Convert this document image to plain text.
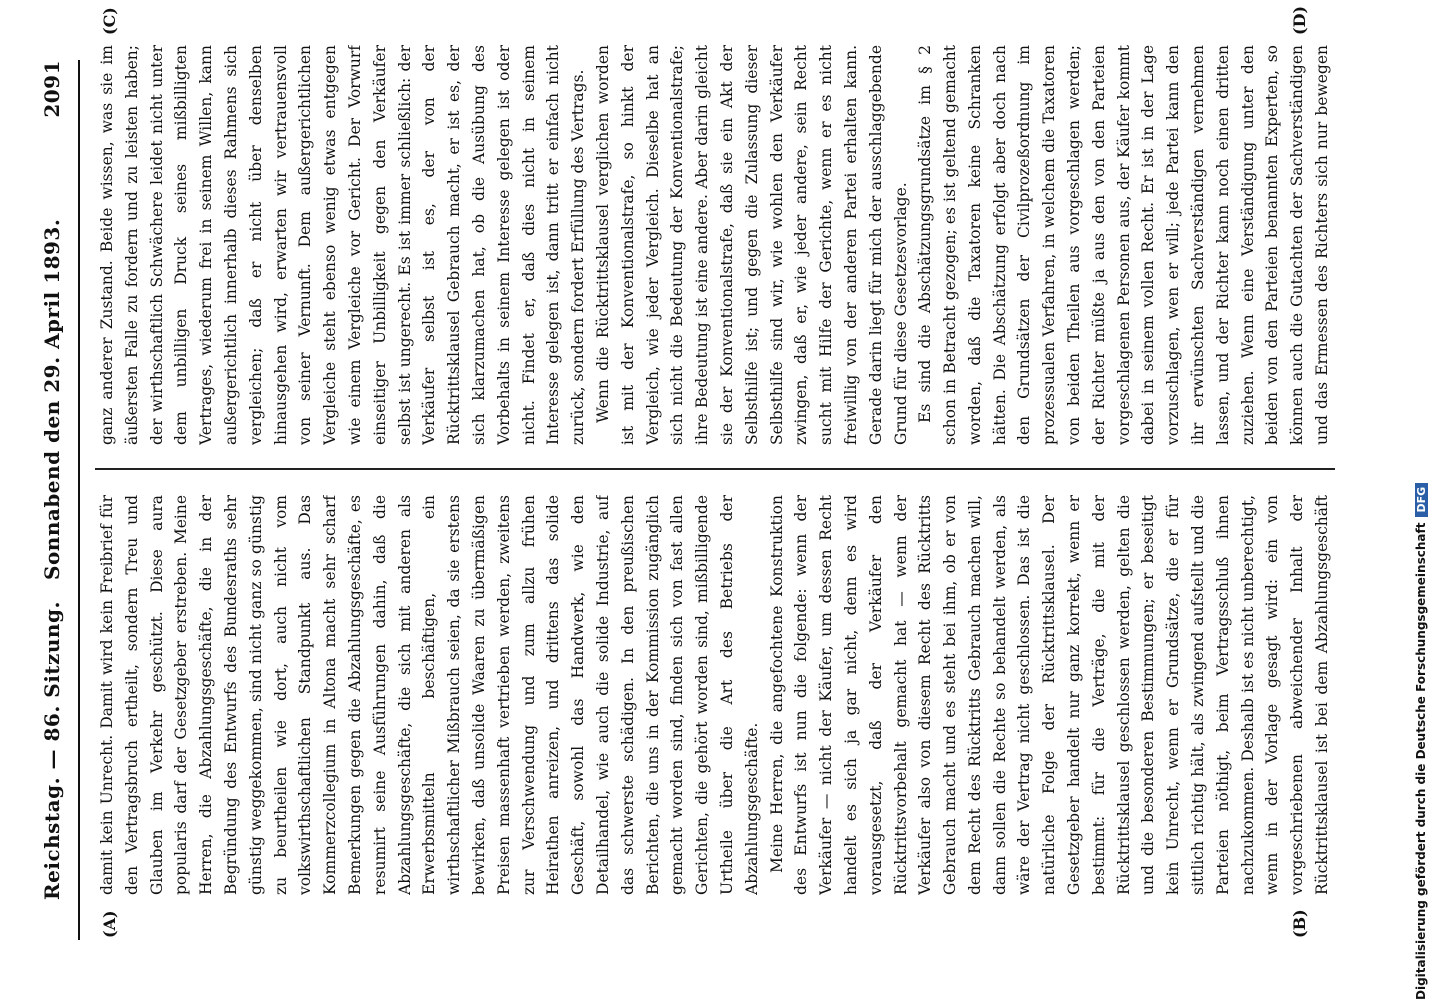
Reichstag. — 86. Sitzung.
Sonnabend den 29. April 1893.
2091
(A)	(B)
(C)	(D)

damit kein Unrecht. Damit wird kein Freibrief für den Vertragsbruch ertheilt, sondern Treu und Glauben im Verkehr geschützt. Diese aura popularis darf der Gesetzgeber erstreben. Meine Herren, die Abzahlungsgeschäfte, die in der Begründung des Entwurfs des Bundesraths sehr günstig weggekommen, sind nicht ganz so günstig zu beurtheilen wie dort, auch nicht vom volkswirthschaftlichen Standpunkt aus. Das Kommerzcollegium in Altona macht sehr scharf Bemerkungen gegen die Abzahlungsgeschäfte, es resumirt seine Ausführungen dahin, daß die Abzahlungsgeschäfte, die sich mit anderen als Erwerbsmitteln beschäftigen, ein wirthschaftlicher Mißbrauch seien, da sie erstens bewirken, daß unsolide Waaren zu übermäßigen Preisen massenhaft vertrieben werden, zweitens zur Verschwendung und zum allzu frühen Heirathen anreizen, und drittens das solide Geschäft, sowohl das Handwerk, wie den Detailhandel, wie auch die solide Industrie, auf das schwerste schädigen. In den preußischen Berichten, die uns in der Kommission zugänglich gemacht worden sind, finden sich von fast allen Gerichten, die gehört worden sind, mißbilligende Urtheile über die Art des Betriebs der Abzahlungsgeschäfte. Meine Herren, die angefochtene Konstruktion des Entwurfs ist nun die folgende: wenn der Verkäufer — nicht der Käufer, um dessen Recht handelt es sich ja gar nicht, denn es wird vorausgesetzt, daß der Verkäufer den Rücktrittsvorbehalt gemacht hat — wenn der Verkäufer also von diesem Recht des Rücktritts Gebrauch macht und es steht bei ihm, ob er von dem Recht des Rücktritts Gebrauch machen will, dann sollen die Rechte so behandelt werden, als wäre der Vertrag nicht geschlossen. Das ist die natürliche Folge der Rücktrittsklausel. Der Gesetzgeber handelt nur ganz korrekt, wenn er bestimmt: für die Verträge, die mit der Rücktrittsklausel geschlossen werden, gelten die und die besonderen Bestimmungen; er beseitigt kein Unrecht, wenn er Grundsätze, die er für sittlich richtig hält, als zwingend aufstellt und die Parteien nöthigt, beim Vertragsschluß ihnen nachzukommen. Deshalb ist es nicht unberechtigt, wenn in der Vorlage gesagt wird: ein von vorgeschriebenen abweichender Inhalt der Rücktrittsklausel ist bei dem Abzahlungsgeschäft

ganz anderer Zustand. Beide wissen, was sie im äußersten Falle zu fordern und zu leisten haben; der wirthschaftlich Schwächere leidet nicht unter dem unbilligen Druck seines mißbilligten Vertrages, wiederum frei in seinem Willen, kann außergerichtlich innerhalb dieses Rahmens sich vergleichen; daß er nicht über denselben hinausgehen wird, erwarten wir vertrauensvoll von seiner Vernunft. Dem außergerichtlichen Vergleiche steht ebenso wenig etwas entgegen wie einem Vergleiche vor Gericht. Der Vorwurf einseitiger Unbilligkeit gegen den Verkäufer selbst ist ungerecht. Es ist immer schließlich: der Verkäufer selbst ist es, der von der Rücktrittsklausel Gebrauch macht, er ist es, der sich klarzumachen hat, ob die Ausübung des Vorbehalts in seinem Interesse gelegen ist oder nicht. Findet er, daß dies nicht in seinem Interesse gelegen ist, dann tritt er einfach nicht zurück, sondern fordert Erfüllung des Vertrags. Wenn die Rücktrittsklausel verglichen worden ist mit der Konventionalstrafe, so hinkt der Vergleich, wie jeder Vergleich. Dieselbe hat an sich nicht die Bedeutung der Konventionalstrafe; ihre Bedeutung ist eine andere. Aber darin gleicht sie der Konventionalstrafe, daß sie ein Akt der Selbsthilfe ist; und gegen die Zulassung dieser Selbsthilfe sind wir, wie wohlen den Verkäufer zwingen, daß er, wie jeder andere, sein Recht sucht mit Hilfe der Gerichte, wenn er es nicht freiwillig von der anderen Partei erhalten kann. Gerade darin liegt für mich der ausschlaggebende Grund für diese Gesetzesvorlage. Es sind die Abschätzungsgrundsätze im § 2 schon in Betracht gezogen; es ist geltend gemacht worden, daß die Taxatoren keine Schranken hätten. Die Abschätzung erfolgt aber doch nach den Grundsätzen der Civilprozeßordnung im prozessualen Verfahren, in welchem die Taxatoren von beiden Theilen aus vorgeschlagen werden; der Richter müßte ja aus den von den Parteien vorgeschlagenen Personen aus, der Käufer kommt dabei in seinem vollen Recht. Er ist in der Lage vorzuschlagen, wen er will; jede Partei kann den ihr erwünschten Sachverständigen vernehmen lassen, und der Richter kann noch einen dritten zuziehen. Wenn eine Verständigung unter den beiden von den Parteien benannten Experten, so können auch die Gutachten der Sachverständigen und das Ermessen des Richters sich nur bewegen

Digitalisierung gefördert durch die Deutsche Forschungsgemeinschaft
DFG
